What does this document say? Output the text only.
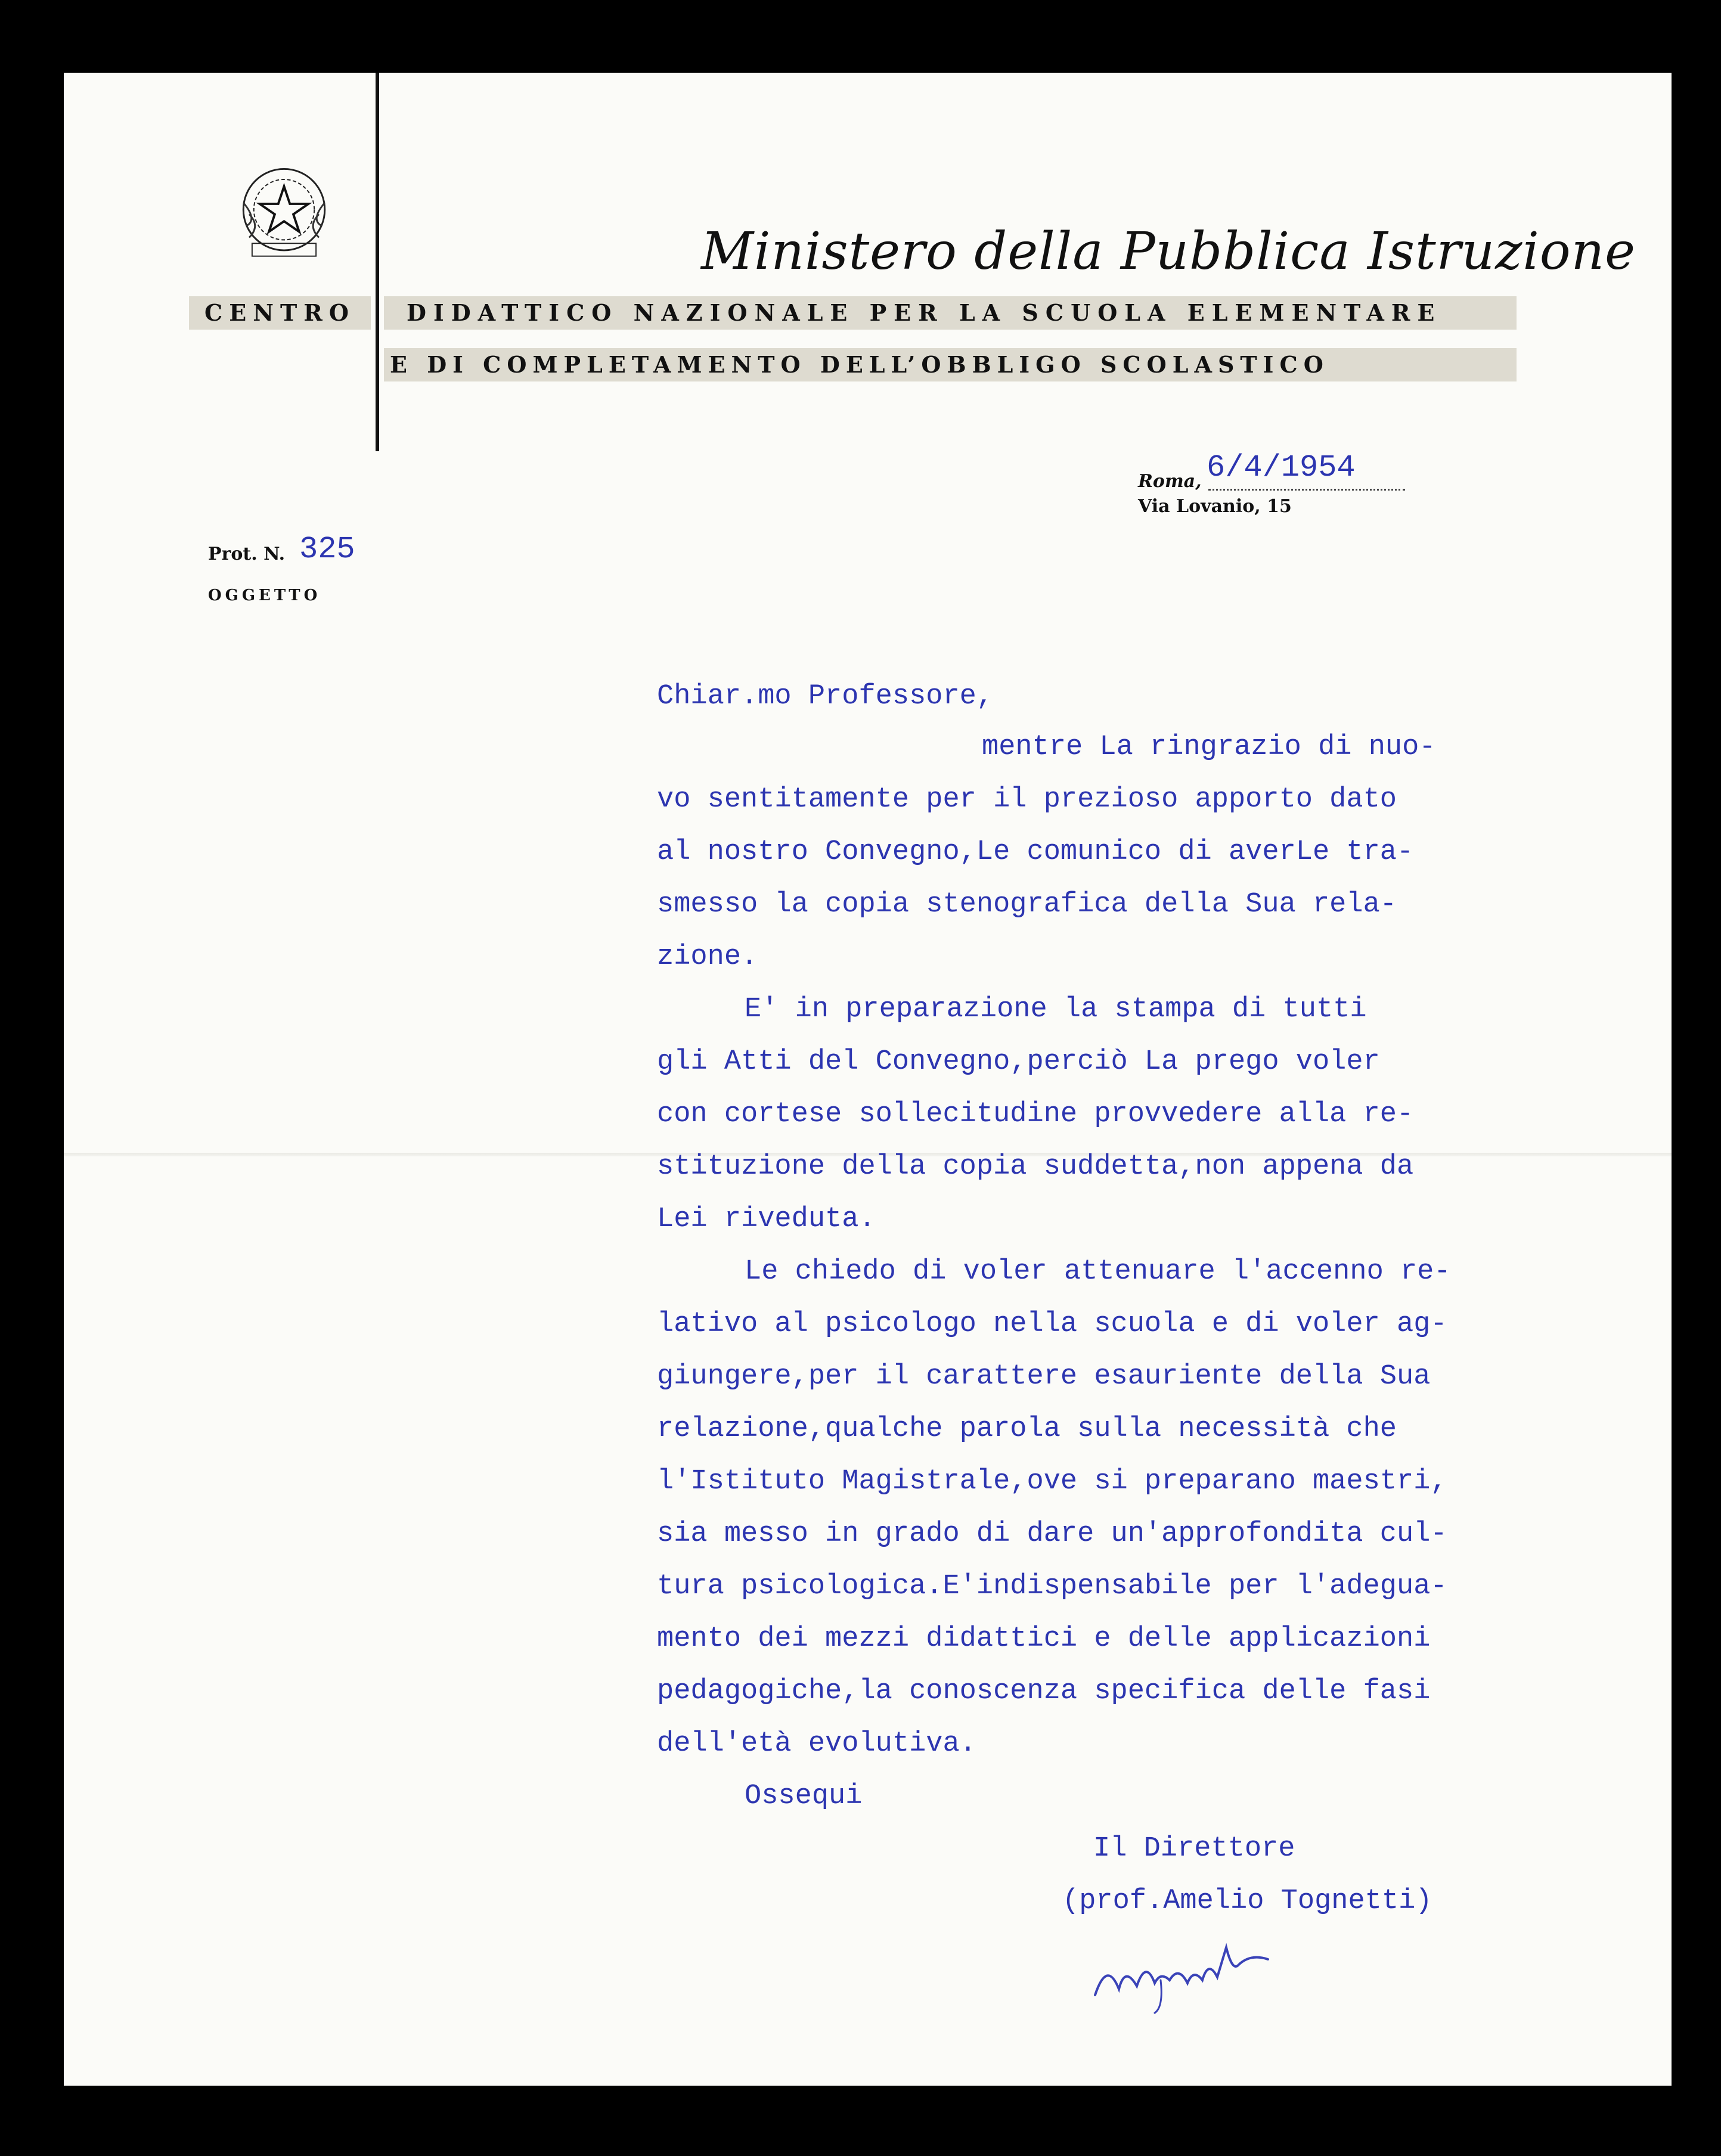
Ministero della Pubblica Istruzione
CENTRO	DIDATTICO NAZIONALE PER LA SCUOLA ELEMENTARE
E DI COMPLETAMENTO DELL’OBBLIGO SCOLASTICO
Roma, 6/4/1954
Via Lovanio, 15
Prot. N. 325
OGGETTO

Chiar.mo Professore,

mentre La ringrazio di nuo-

vo sentitamente per il prezioso apporto dato

al nostro Convegno,Le comunico di averLe tra-

smesso la copia stenografica della Sua rela-

zione.

E' in preparazione la stampa di tutti

gli Atti del Convegno,perciò La prego voler

con cortese sollecitudine provvedere alla re-

stituzione della copia suddetta,non appena da

Lei riveduta.

Le chiedo di voler attenuare l'accenno re-

lativo al psicologo nella scuola e di voler ag-

giungere,per il carattere esauriente della Sua

relazione,qualche parola sulla necessità che

l'Istituto Magistrale,ove si preparano maestri,

sia messo in grado di dare un'approfondita cul-

tura psicologica.E'indispensabile per l'adegua-

mento dei mezzi didattici e delle applicazioni

pedagogiche,la conoscenza specifica delle fasi

dell'età evolutiva.

Ossequi

Il Direttore

(prof.Amelio Tognetti)
